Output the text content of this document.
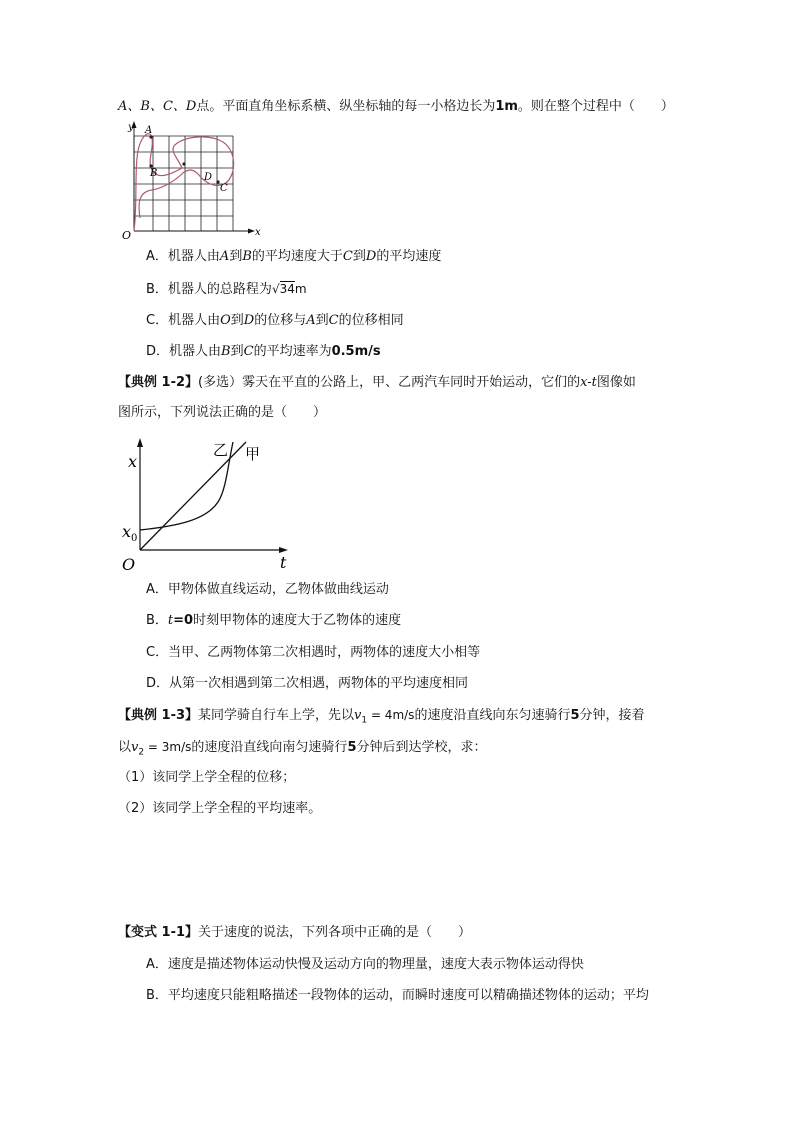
A、B、C、D点。平面直角坐标系横、纵坐标轴的每一小格边长为1m。则在整个过程中（　　）
y
x
O
A
B	D
C
A．机器人由A到B的平均速度大于C到D的平均速度
B．机器人的总路程为√34m
C．机器人由O到D的位移与A到C的位移相同
D．机器人由B到C的平均速率为0.5m/s
【典例 1-2】(多选）雾天在平直的公路上，甲、乙两汽车同时开始运动，它们的x-t图像如
图所示，下列说法正确的是（　　）
x
t
O
$x_0$
乙 甲
A．甲物体做直线运动，乙物体做曲线运动
B．t=0时刻甲物体的速度大于乙物体的速度
C．当甲、乙两物体第二次相遇时，两物体的速度大小相等
D．从第一次相遇到第二次相遇，两物体的平均速度相同
【典例 1-3】某同学骑自行车上学，先以$v_1 = 4m/s$的速度沿直线向东匀速骑行5分钟，接着
以$v_2 = 3m/s$的速度沿直线向南匀速骑行5分钟后到达学校，求：
（1）该同学上学全程的位移；
（2）该同学上学全程的平均速率。
【变式 1-1】关于速度的说法，下列各项中正确的是（　　）
A．速度是描述物体运动快慢及运动方向的物理量，速度大表示物体运动得快
B．平均速度只能粗略描述一段物体的运动，而瞬时速度可以精确描述物体的运动；平均
